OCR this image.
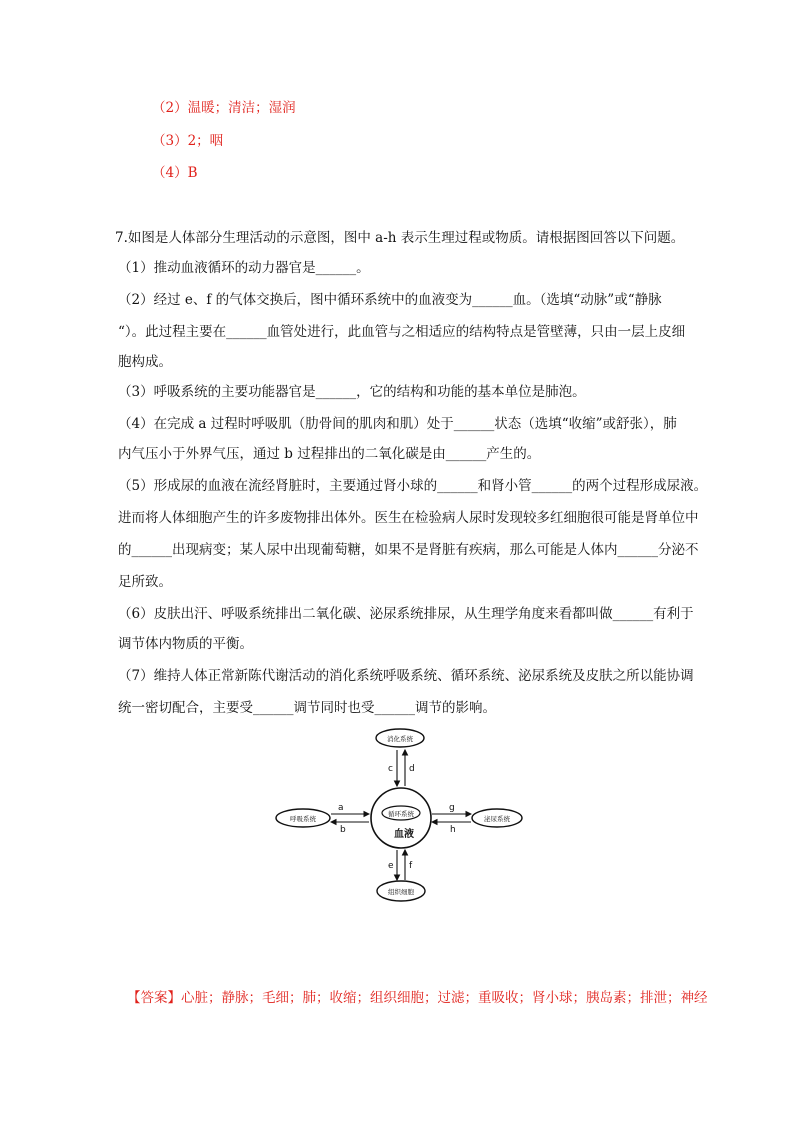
（2）温暖；清洁；湿润
（3）2；咽
（4）B
7.如图是人体部分生理活动的示意图，图中 a-h 表示生理过程或物质。请根据图回答以下问题。
（1）推动血液循环的动力器官是______。
（2）经过 e、f 的气体交换后，图中循环系统中的血液变为______血。（选填“动脉”或“静脉
“）。此过程主要在______血管处进行，此血管与之相适应的结构特点是管壁薄，只由一层上皮细
胞构成。
（3）呼吸系统的主要功能器官是______，它的结构和功能的基本单位是肺泡。
（4）在完成 a 过程时呼吸肌（肋骨间的肌肉和肌）处于______状态（选填“收缩”或舒张），肺
内气压小于外界气压，通过 b 过程排出的二氧化碳是由______产生的。
（5）形成尿的血液在流经肾脏时，主要通过肾小球的______和肾小管______的两个过程形成尿液。
进而将人体细胞产生的许多废物排出体外。医生在检验病人尿时发现较多红细胞很可能是肾单位中
的______出现病变；某人尿中出现葡萄糖，如果不是肾脏有疾病，那么可能是人体内______分泌不
足所致。
（6）皮肤出汗、呼吸系统排出二氧化碳、泌尿系统排尿，从生理学角度来看都叫做______有利于
调节体内物质的平衡。
（7）维持人体正常新陈代谢活动的消化系统呼吸系统、循环系统、泌尿系统及皮肤之所以能协调
统一密切配合，主要受______调节同时也受______调节的影响。
消化系统
呼吸系统	泌尿系统
组织细胞
循环系统
血液
c d
a
b
g
h
e f
【答案】心脏；静脉；毛细；肺；收缩；组织细胞；过滤；重吸收；肾小球；胰岛素；排泄；神经
